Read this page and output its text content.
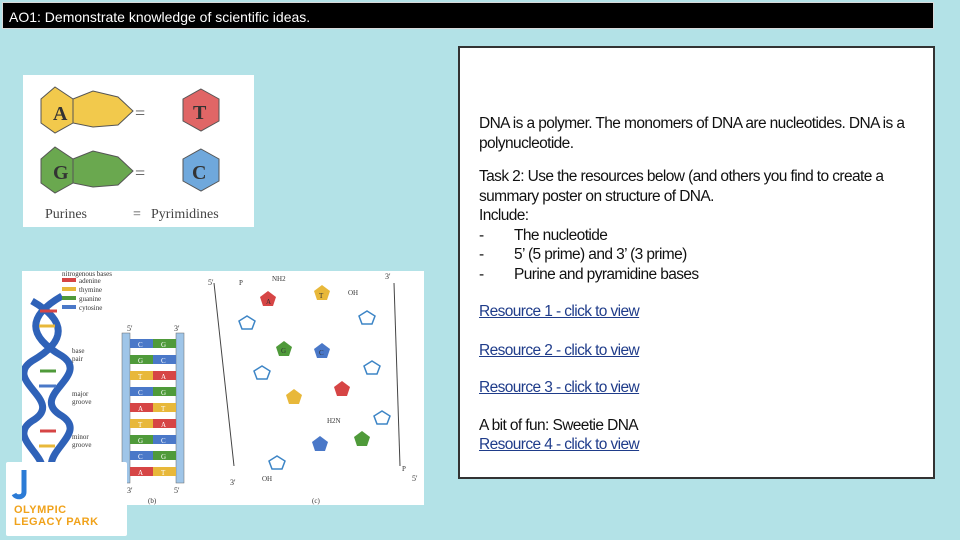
AO1: Demonstrate knowledge of scientific ideas.
A	= T
G	= C
Purines	= Pyrimidines
nitrogenous bases
adenine
thymine
guanine
cytosine
base pair
major groove
minor groove
C	G
G	C
T	A
C	G
A	T
T	A
G	C
C	G
A	T
OH
OH
P
P
A
T
G	C
NH2
H2N
5'	3'
3'	5'
5'
3'
3'	5'
(b)	(c)
OLYMPIC
LEGACY PARK

DNA is a polymer. The monomers of DNA are nucleotides. DNA is a polynucleotide.

Task 2: Use the resources below (and others you find to create a summary poster on structure of DNA.

Include:

-	The nucleotide
-	5’ (5 prime) and 3’ (3 prime)
-	Purine and pyramidine bases
Resource 1 - click to view
Resource 2 - click to view
Resource 3 - click to view

A bit of fun: Sweetie DNA

Resource 4 - click to view
